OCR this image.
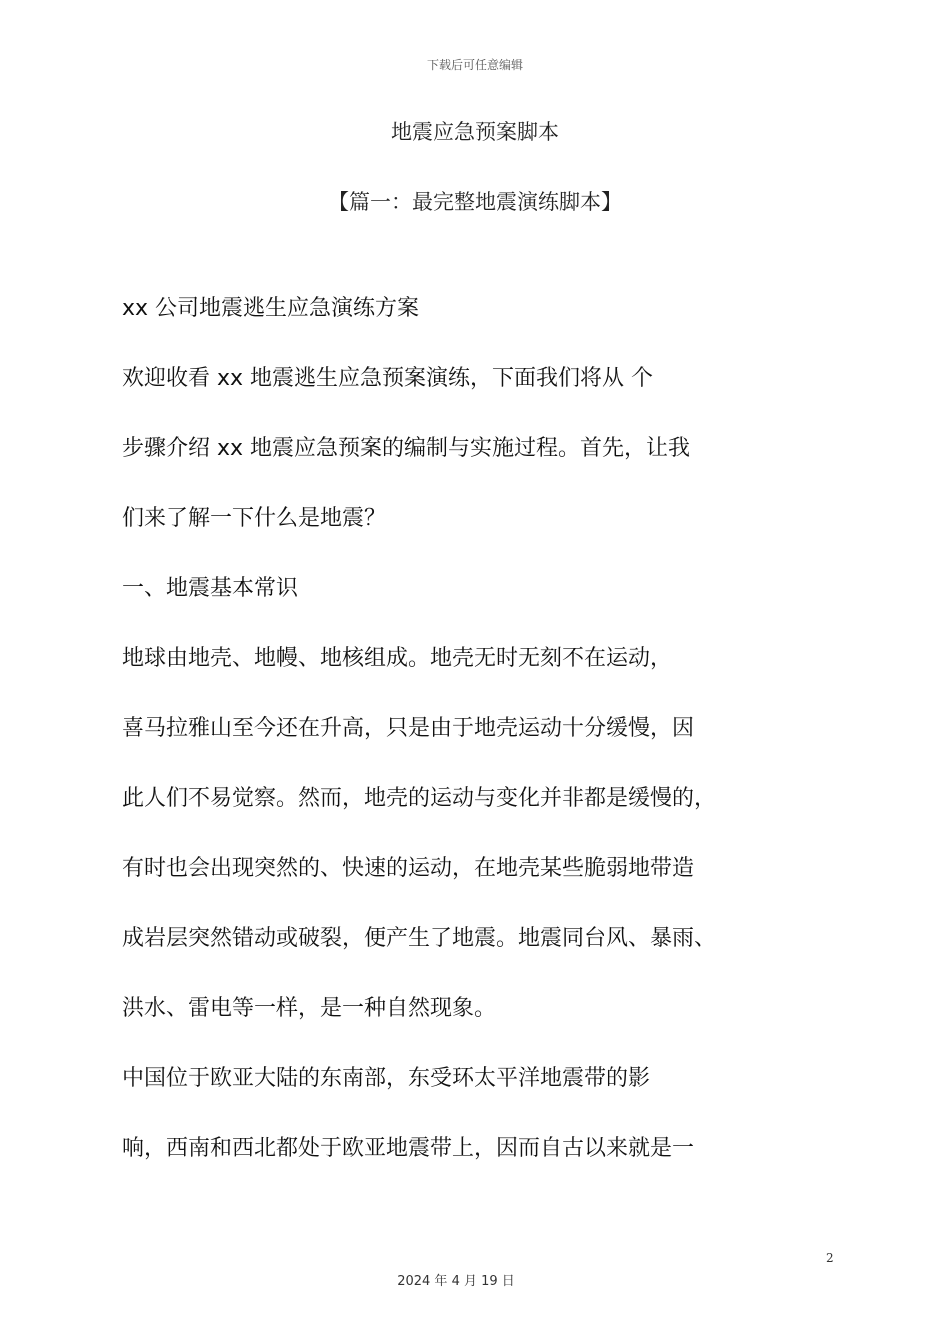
下载后可任意编辑
地震应急预案脚本
【篇一：最完整地震演练脚本】
xx 公司地震逃生应急演练方案
欢迎收看 xx 地震逃生应急预案演练，下面我们将从 个
步骤介绍 xx 地震应急预案的编制与实施过程。首先，让我
们来了解一下什么是地震？
一、地震基本常识
地球由地壳、地幔、地核组成。地壳无时无刻不在运动，
喜马拉雅山至今还在升高，只是由于地壳运动十分缓慢，因
此人们不易觉察。然而，地壳的运动与变化并非都是缓慢的，
有时也会出现突然的、快速的运动，在地壳某些脆弱地带造
成岩层突然错动或破裂，便产生了地震。地震同台风、暴雨、
洪水、雷电等一样，是一种自然现象。
中国位于欧亚大陆的东南部，东受环太平洋地震带的影
响，西南和西北都处于欧亚地震带上，因而自古以来就是一
2
2024 年 4 月 19 日
